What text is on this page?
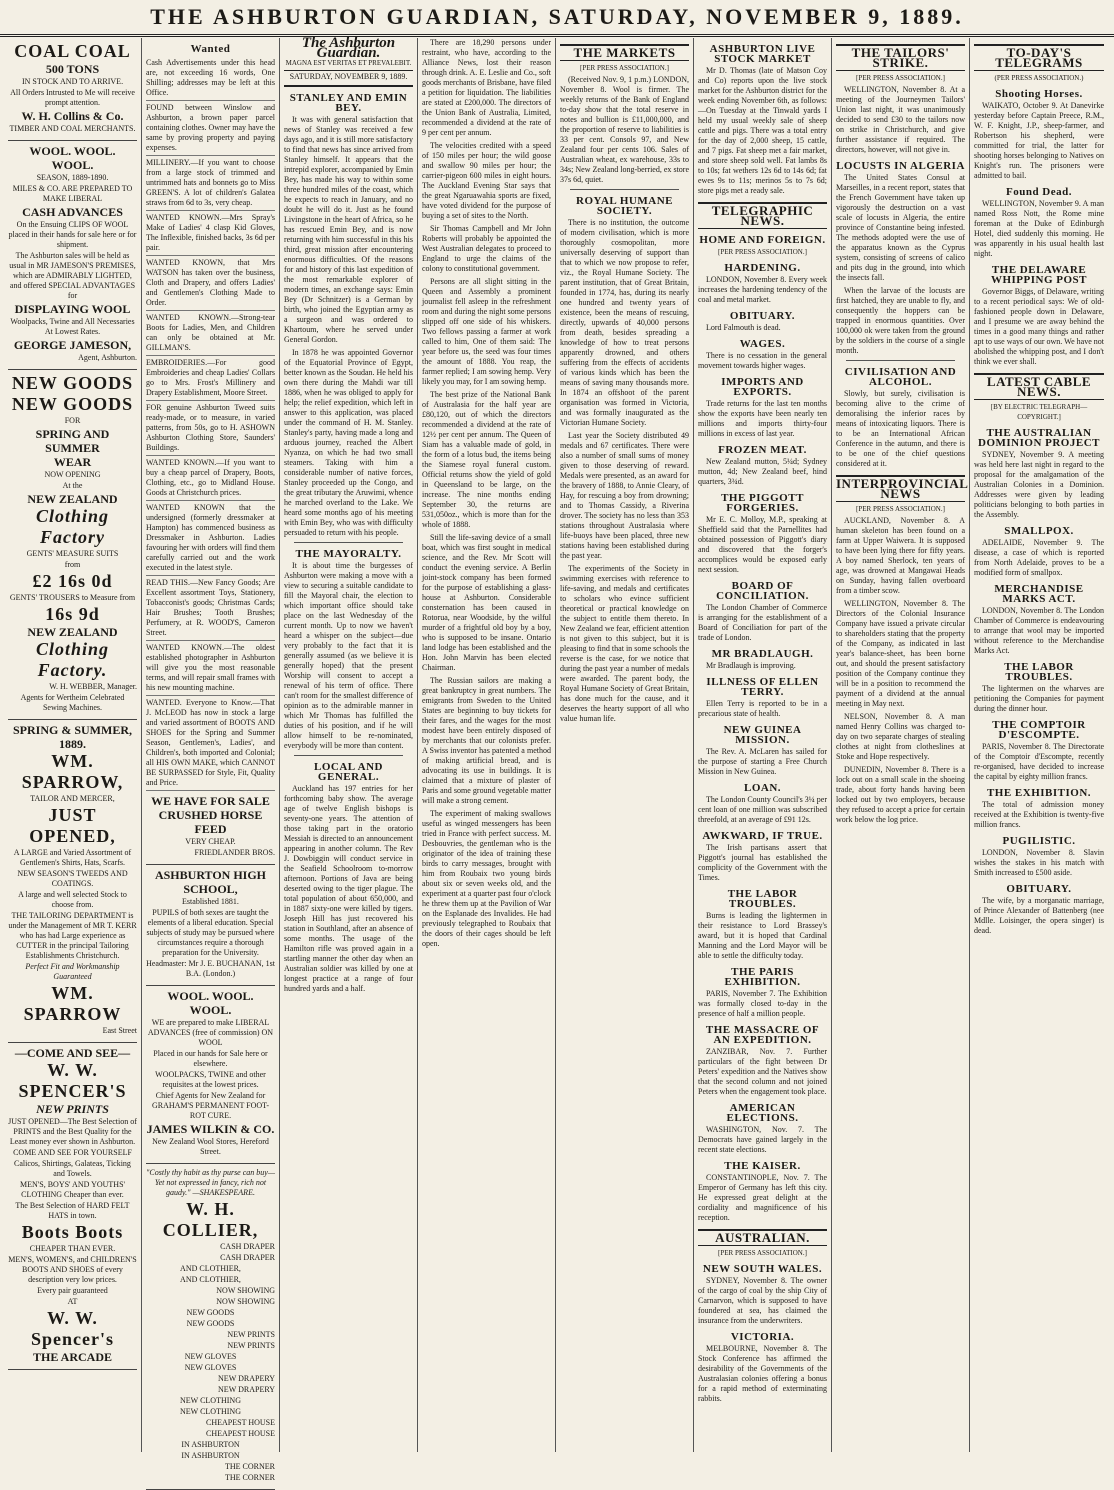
THE ASHBURTON GUARDIAN, SATURDAY, NOVEMBER 9, 1889.
COAL COAL
500 TONS

IN STOCK AND TO ARRIVE.

All Orders Intrusted to Me will receive prompt attention.

W. H. Collins & Co.

TIMBER AND COAL MERCHANTS.

WOOL. WOOL. WOOL.

SEASON, 1889-1890.

MILES & CO. ARE PREPARED TO MAKE LIBERAL

CASH ADVANCES

On the Ensuing CLIPS OF WOOL placed in their hands for sale here or for shipment.

The Ashburton sales will be held as usual in MR JAMESON'S PREMISES, which are ADMIRABLY LIGHTED, and offered SPECIAL ADVANTAGES for

DISPLAYING WOOL

Woolpacks, Twine and All Necessaries At Lowest Rates.

GEORGE JAMESON,

Agent, Ashburton.

NEW GOODS
NEW GOODS

FOR

SPRING AND SUMMER
WEAR

NOW OPENING

At the

NEW ZEALAND
Clothing Factory

GENTS' MEASURE SUITS

from

£2 16s 0d

GENTS' TROUSERS to Measure from

16s 9d
NEW ZEALAND
Clothing Factory.

W. H. WEBBER, Manager.

Agents for Wertheim Celebrated Sewing Machines.

SPRING & SUMMER, 1889.
WM. SPARROW,

TAILOR AND MERCER,

JUST OPENED,

A LARGE and Varied Assortment of Gentlemen's Shirts, Hats, Scarfs.

NEW SEASON'S TWEEDS AND COATINGS.

A large and well selected Stock to choose from.

THE TAILORING DEPARTMENT is under the Management of MR T. KERR who has had Large experience as CUTTER in the principal Tailoring Establishments Christchurch.

Perfect Fit and Workmanship Guaranteed

WM. SPARROW

East Street

—COME AND SEE—
W. W. SPENCER'S
NEW PRINTS

JUST OPENED—The Best Selection of PRINTS and the Best Quality for the Least money ever shown in Ashburton.

COME AND SEE FOR YOURSELF

Calicos, Shirtings, Galateas, Ticking and Towels.

MEN'S, BOYS' AND YOUTHS' CLOTHING Cheaper than ever.

The Best Selection of HARD FELT HATS in town.

Boots Boots

CHEAPER THAN EVER.

MEN'S, WOMEN'S, and CHILDREN'S BOOTS AND SHOES of every description very low prices.

Every pair guaranteed

AT

W. W. Spencer's
THE ARCADE
Wanted
Cash Advertisements under this head are, not exceeding 16 words, One Shilling; addresses may be left at this Office.
FOUND between Winslow and Ashburton, a brown paper parcel containing clothes. Owner may have the same by proving property and paying expenses.
MILLINERY.—If you want to choose from a large stock of trimmed and untrimmed hats and bonnets go to Miss GREEN'S. A lot of children's Galatea straws from 6d to 3s, very cheap.
WANTED KNOWN.—Mrs Spray's Make of Ladies' 4 clasp Kid Gloves, The Inflexible, finished backs, 3s 6d per pair.
WANTED KNOWN, that Mrs WATSON has taken over the business, Cloth and Drapery, and offers Ladies' and Gentlemen's Clothing Made to Order.
WANTED KNOWN.—Strong-tear Boots for Ladies, Men, and Children can only be obtained at Mr. GILLMAN'S.
EMBROIDERIES.—For good Embroideries and cheap Ladies' Collars go to Mrs. Frost's Millinery and Drapery Establishment, Moore Street.
FOR genuine Ashburton Tweed suits ready-made, or to measure, in varied patterns, from 50s, go to H. ASHOWN Ashburton Clothing Store, Saunders' Buildings.
WANTED KNOWN.—If you want to buy a cheap parcel of Drapery, Boots, Clothing, etc., go to Midland House. Goods at Christchurch prices.
WANTED KNOWN that the undersigned (formerly dressmaker at Hampton) has commenced business as Dressmaker in Ashburton. Ladies favouring her with orders will find them carefully carried out and the work executed in the latest style.
READ THIS.—New Fancy Goods; Are Excellent assortment Toys, Stationery, Tobacconist's goods; Christmas Cards; Hair Brushes; Tooth Brushes; Perfumery, at R. WOOD'S, Cameron Street.
WANTED KNOWN.—The oldest established photographer in Ashburton will give you the most reasonable terms, and will repair small frames with his new mounting machine.
WANTED. Everyone to Know.—That J. McLEOD has now in stock a large and varied assortment of BOOTS AND SHOES for the Spring and Summer Season, Gentlemen's, Ladies', and Children's, both imported and Colonial; all HIS OWN MAKE, which CANNOT BE SURPASSED for Style, Fit, Quality and Price.
WE HAVE FOR SALE
CRUSHED HORSE FEED

VERY CHEAP.

FRIEDLANDER BROS.

ASHBURTON HIGH SCHOOL,

Established 1881.

PUPILS of both sexes are taught the elements of a liberal education. Special subjects of study may be pursued where circumstances require a thorough preparation for the University.

Headmaster: Mr J. E. BUCHANAN, 1st B.A. (London.)

WOOL. WOOL. WOOL.

WE are prepared to make LIBERAL ADVANCES (free of commission) ON WOOL

Placed in our hands for Sale here or elsewhere.

WOOLPACKS, TWINE and other requisites at the lowest prices.

Chief Agents for New Zealand for GRAHAM'S PERMANENT FOOT-ROT CURE.

JAMES WILKIN & CO.

New Zealand Wool Stores, Hereford Street.

"Costly thy habit as thy purse can buy— Yet not expressed in fancy, rich not gaudy." —SHAKESPEARE.

W. H. COLLIER,

CASH DRAPER

CASH DRAPER

AND CLOTHIER,

AND CLOTHIER,

NOW SHOWING

NOW SHOWING

NEW GOODS

NEW GOODS

NEW PRINTS

NEW PRINTS

NEW GLOVES

NEW GLOVES

NEW DRAPERY

NEW DRAPERY

NEW CLOTHING

NEW CLOTHING

CHEAPEST HOUSE

CHEAPEST HOUSE

IN ASHBURTON

IN ASHBURTON

THE CORNER

THE CORNER

The Ashburton Guardian.
MAGNA EST VERITAS ET PREVALEBIT.
SATURDAY, NOVEMBER 9, 1889.
STANLEY AND EMIN BEY.

It was with general satisfaction that news of Stanley was received a few days ago, and it is still more satisfactory to find that news has since arrived from Stanley himself. It appears that the intrepid explorer, accompanied by Emin Bey, has made his way to within some three hundred miles of the coast, which he expects to reach in January, and no doubt he will do it. Just as he found Livingstone in the heart of Africa, so he has rescued Emin Bey, and is now returning with him successful in this his third, great mission after encountering enormous difficulties. Of the reasons for and history of this last expedition of the most remarkable explorer of modern times, an exchange says: Emin Bey (Dr Schnitzer) is a German by birth, who joined the Egyptian army as a surgeon and was ordered to Khartoum, where he served under General Gordon.

In 1878 he was appointed Governor of the Equatorial Province of Egypt, better known as the Soudan. He held his own there during the Mahdi war till 1886, when he was obliged to apply for help; the relief expedition, which left in answer to this application, was placed under the command of H. M. Stanley. Stanley's party, having made a long and arduous journey, reached the Albert Nyanza, on which he had two small steamers. Taking with him a considerable number of native forces, Stanley proceeded up the Congo, and the great tributary the Aruwimi, whence he marched overland to the Lake. We heard some months ago of his meeting with Emin Bey, who was with difficulty persuaded to return with his people.

THE MAYORALTY.

It is about time the burgesses of Ashburton were making a move with a view to securing a suitable candidate to fill the Mayoral chair, the election to which important office should take place on the last Wednesday of the current month. Up to now we haven't heard a whisper on the subject—due very probably to the fact that it is generally assumed (as we believe it is generally hoped) that the present Worship will consent to accept a renewal of his term of office. There can't room for the smallest difference of opinion as to the admirable manner in which Mr Thomas has fulfilled the duties of his position, and if he will allow himself to be re-nominated, everybody will be more than content.

LOCAL AND GENERAL.

Auckland has 197 entries for her forthcoming baby show. The average age of twelve English bishops is seventy-one years. The attention of those taking part in the oratorio Messiah is directed to an announcement appearing in another column. The Rev J. Dowbiggin will conduct service in the Seafield Schoolroom to-morrow afternoon. Portions of Java are being deserted owing to the tiger plague. The total population of about 650,000, and in 1887 sixty-one were killed by tigers. Joseph Hill has just recovered his station in Southland, after an absence of some months. The usage of the Hamilton rifle was proved again in a startling manner the other day when an Australian soldier was killed by one at longest practice at a range of four hundred yards and a half.

There are 18,290 persons under restraint, who have, according to the Alliance News, lost their reason through drink. A. E. Leslie and Co., soft goods merchants of Brisbane, have filed a petition for liquidation. The liabilities are stated at £200,000. The directors of the Union Bank of Australia, Limited, recommended a dividend at the rate of 9 per cent per annum.

The velocities credited with a speed of 150 miles per hour; the wild goose and swallow 90 miles per hour; the carrier-pigeon 600 miles in eight hours. The Auckland Evening Star says that the great Ngaruawahia sports are fixed, have voted dividend for the purpose of buying a set of sites to the North.

Sir Thomas Campbell and Mr John Roberts will probably be appointed the West Australian delegates to proceed to England to urge the claims of the colony to constitutional government.

Persons are all slight sitting in the Queen and Assembly a prominent journalist fell asleep in the refreshment room and during the night some persons slipped off one side of his whiskers. Two fellows passing a farmer at work called to him, One of them said: The year before us, the seed was four times the amount of 1888. You reap, the farmer replied; I am sowing hemp. Very likely you may, for I am sowing hemp.

The best prize of the National Bank of Australasia for the half year are £80,120, out of which the directors recommended a dividend at the rate of 12½ per cent per annum. The Queen of Siam has a valuable made of gold, in the form of a lotus bud, the items being the Siamese royal funeral custom. Official returns show the yield of gold in Queensland to be large, on the increase. The nine months ending September 30, the returns are 531,050oz., which is more than for the whole of 1888.

Still the life-saving device of a small boat, which was first sought in medical science, and the Rev. Mr Scott will conduct the evening service. A Berlin joint-stock company has been formed for the purpose of establishing a glass-house at Ashburton. Considerable consternation has been caused in Rotorua, near Woodside, by the wilful murder of a frightful old boy by a boy, who is supposed to be insane. Ontario land lodge has been established and the Hon. John Marvin has been elected Chairman.

The Russian sailors are making a great bankruptcy in great numbers. The emigrants from Sweden to the United States are beginning to buy tickets for their fares, and the wages for the most modest have been entirely disposed of by merchants that our colonists prefer. A Swiss inventor has patented a method of making artificial bread, and is advocating its use in buildings. It is claimed that a mixture of plaster of Paris and some ground vegetable matter will make a strong cement.

The experiment of making swallows useful as winged messengers has been tried in France with perfect success. M. Desbouvries, the gentleman who is the originator of the idea of training these birds to carry messages, brought with him from Roubaix two young birds about six or seven weeks old, and the experiment at a quarter past four o'clock he threw them up at the Pavilion of War on the Esplanade des Invalides. He had previously telegraphed to Roubaix that the doors of their cages should be left open.

THE MARKETS
[PER PRESS ASSOCIATION.]

(Received Nov. 9, 1 p.m.) LONDON, November 8. Wool is firmer. The weekly returns of the Bank of England to-day show that the total reserve in notes and bullion is £11,000,000, and the proportion of reserve to liabilities is 33 per cent. Consols 97, and New Zealand four per cents 106. Sales of Australian wheat, ex warehouse, 33s to 34s; New Zealand long-berried, ex store 37s 6d, quiet.

ROYAL HUMANE SOCIETY.

There is no institution, the outcome of modern civilisation, which is more thoroughly cosmopolitan, more universally deserving of support than that to which we now propose to refer, viz., the Royal Humane Society. The parent institution, that of Great Britain, founded in 1774, has, during its nearly one hundred and twenty years of existence, been the means of rescuing, directly, upwards of 40,000 persons from death, besides spreading a knowledge of how to treat persons apparently drowned, and others suffering from the effects of accidents of various kinds which has been the means of saving many thousands more. In 1874 an offshoot of the parent organisation was formed in Victoria, and was formally inaugurated as the Victorian Humane Society.

Last year the Society distributed 49 medals and 67 certificates. There were also a number of small sums of money given to those deserving of reward. Medals were presented, as an award for the bravery of 1888, to Annie Cleary, of Hay, for rescuing a boy from drowning; and to Thomas Cassidy, a Riverina drover. The society has no less than 353 stations throughout Australasia where life-buoys have been placed, three new stations having been established during the past year.

The experiments of the Society in swimming exercises with reference to life-saving, and medals and certificates to scholars who evince sufficient theoretical or practical knowledge on the subject to entitle them thereto. In New Zealand we fear, efficient attention is not given to this subject, but it is pleasing to find that in some schools the reverse is the case, for we notice that during the past year a number of medals were awarded. The parent body, the Royal Humane Society of Great Britain, has done much for the cause, and it deserves the hearty support of all who value human life.

ASHBURTON LIVE STOCK MARKET

Mr D. Thomas (late of Matson Coy and Co) reports upon the live stock market for the Ashburton district for the week ending November 6th, as follows:—On Tuesday at the Tinwald yards I held my usual weekly sale of sheep cattle and pigs. There was a total entry for the day of 2,000 sheep, 15 cattle, and 7 pigs. Fat sheep met a fair market, and store sheep sold well. Fat lambs 8s to 10s; fat wethers 12s 6d to 14s 6d; fat ewes 9s to 11s; merinos 5s to 7s 6d; store pigs met a ready sale.

TELEGRAPHIC NEWS.
HOME AND FOREIGN.
[PER PRESS ASSOCIATION.]
HARDENING.

LONDON, November 8. Every week increases the hardening tendency of the coal and metal market.

OBITUARY.

Lord Falmouth is dead.

WAGES.

There is no cessation in the general movement towards higher wages.

IMPORTS AND EXPORTS.

Trade returns for the last ten months show the exports have been nearly ten millions and imports thirty-four millions in excess of last year.

FROZEN MEAT.

New Zealand mutton, 5¼d; Sydney mutton, 4d; New Zealand beef, hind quarters, 3¾d.

THE PIGGOTT FORGERIES.

Mr E. C. Molloy, M.P., speaking at Sheffield said that the Parnellites had obtained possession of Piggott's diary and discovered that the forger's accomplices would be exposed early next session.

BOARD OF CONCILIATION.

The London Chamber of Commerce is arranging for the establishment of a Board of Conciliation for part of the trade of London.

MR BRADLAUGH.

Mr Bradlaugh is improving.

ILLNESS OF ELLEN TERRY.

Ellen Terry is reported to be in a precarious state of health.

NEW GUINEA MISSION.

The Rev. A. McLaren has sailed for the purpose of starting a Free Church Mission in New Guinea.

LOAN.

The London County Council's 3¼ per cent loan of one million was subscribed threefold, at an average of £91 12s.

AWKWARD, IF TRUE.

The Irish partisans assert that Piggott's journal has established the complicity of the Government with the Times.

THE LABOR TROUBLES.

Burns is leading the lightermen in their resistance to Lord Brassey's award, but it is hoped that Cardinal Manning and the Lord Mayor will be able to settle the difficulty today.

THE PARIS EXHIBITION.

PARIS, November 7. The Exhibition was formally closed to-day in the presence of half a million people.

THE MASSACRE OF AN EXPEDITION.

ZANZIBAR, Nov. 7. Further particulars of the fight between Dr Peters' expedition and the Natives show that the second column and not joined Peters when the engagement took place.

AMERICAN ELECTIONS.

WASHINGTON, Nov. 7. The Democrats have gained largely in the recent state elections.

THE KAISER.

CONSTANTINOPLE, Nov. 7. The Emperor of Germany has left this city. He expressed great delight at the cordiality and magnificence of his reception.

AUSTRALIAN.
[PER PRESS ASSOCIATION.]
NEW SOUTH WALES.

SYDNEY, November 8. The owner of the cargo of coal by the ship City of Carnarvon, which is supposed to have foundered at sea, has claimed the insurance from the underwriters.

VICTORIA.

MELBOURNE, November 8. The Stock Conference has affirmed the desirability of the Governments of the Australasian colonies offering a bonus for a rapid method of exterminating rabbits.

THE TAILORS' STRIKE.
[PER PRESS ASSOCIATION.]

WELLINGTON, November 8. At a meeting of the Journeymen Tailors' Union last night, it was unanimously decided to send £30 to the tailors now on strike in Christchurch, and give further assistance if required. The directors, however, will not give in.

LOCUSTS IN ALGERIA

The United States Consul at Marseilles, in a recent report, states that the French Government have taken up vigorously the destruction on a vast scale of locusts in Algeria, the entire province of Constantine being infested. The methods adopted were the use of the apparatus known as the Cyprus system, consisting of screens of calico and pits dug in the ground, into which the insects fall.

When the larvae of the locusts are first hatched, they are unable to fly, and consequently the hoppers can be trapped in enormous quantities. Over 100,000 ok were taken from the ground by the soldiers in the course of a single month.

CIVILISATION AND ALCOHOL.

Slowly, but surely, civilisation is becoming alive to the crime of demoralising the inferior races by means of intoxicating liquors. There is to be an International African Conference in the autumn, and there is to be one of the chief questions considered at it.

INTERPROVINCIAL NEWS
[PER PRESS ASSOCIATION.]

AUCKLAND, November 8. A human skeleton has been found on a farm at Upper Waiwera. It is supposed to have been lying there for fifty years. A boy named Sherlock, ten years of age, was drowned at Mangawai Heads on Sunday, having fallen overboard from a timber scow.

WELLINGTON, November 8. The Directors of the Colonial Insurance Company have issued a private circular to shareholders stating that the property of the Company, as indicated in last year's balance-sheet, has been borne out, and should the present satisfactory position of the Company continue they will be in a position to recommend the payment of a dividend at the annual meeting in May next.

NELSON, November 8. A man named Henry Collins was charged to-day on two separate charges of stealing clothes at night from clotheslines at Stoke and Hope respectively.

DUNEDIN, November 8. There is a lock out on a small scale in the shoeing trade, about forty hands having been locked out by two employers, because they refused to accept a price for certain work below the log price.

TO-DAY'S TELEGRAMS
(PER PRESS ASSOCIATION.)
Shooting Horses.

WAIKATO, October 9. At Danevirke yesterday before Captain Preece, R.M., W. F. Knight, J.P., sheep-farmer, and Robertson his shepherd, were committed for trial, the latter for shooting horses belonging to Natives on Knight's run. The prisoners were admitted to bail.

Found Dead.

WELLINGTON, November 9. A man named Ross Nott, the Rome mine foreman at the Duke of Edinburgh Hotel, died suddenly this morning. He was apparently in his usual health last night.

THE DELAWARE WHIPPING POST

Governor Biggs, of Delaware, writing to a recent periodical says: We of old-fashioned people down in Delaware, and I presume we are away behind the times in a good many things and rather apt to use ways of our own. We have not abolished the whipping post, and I don't think we ever shall.

LATEST CABLE NEWS.
[BY ELECTRIC TELEGRAPH—COPYRIGHT.]
THE AUSTRALIAN DOMINION PROJECT

SYDNEY, November 9. A meeting was held here last night in regard to the proposal for the amalgamation of the Australian Colonies in a Dominion. Addresses were given by leading politicians belonging to both parties in the Assembly.

SMALLPOX.

ADELAIDE, November 9. The disease, a case of which is reported from North Adelaide, proves to be a modified form of smallpox.

MERCHANDISE MARKS ACT.

LONDON, November 8. The London Chamber of Commerce is endeavouring to arrange that wool may be imported without reference to the Merchandise Marks Act.

THE LABOR TROUBLES.

The lightermen on the wharves are petitioning the Companies for payment during the dinner hour.

THE COMPTOIR D'ESCOMPTE.

PARIS, November 8. The Directorate of the Comptoir d'Escompte, recently re-organised, have decided to increase the capital by eighty million francs.

THE EXHIBITION.

The total of admission money received at the Exhibition is twenty-five million francs.

PUGILISTIC.

LONDON, November 8. Slavin wishes the stakes in his match with Smith increased to £500 aside.

OBITUARY.

The wife, by a morganatic marriage, of Prince Alexander of Battenberg (nee Mdlle. Loisinger, the opera singer) is dead.
